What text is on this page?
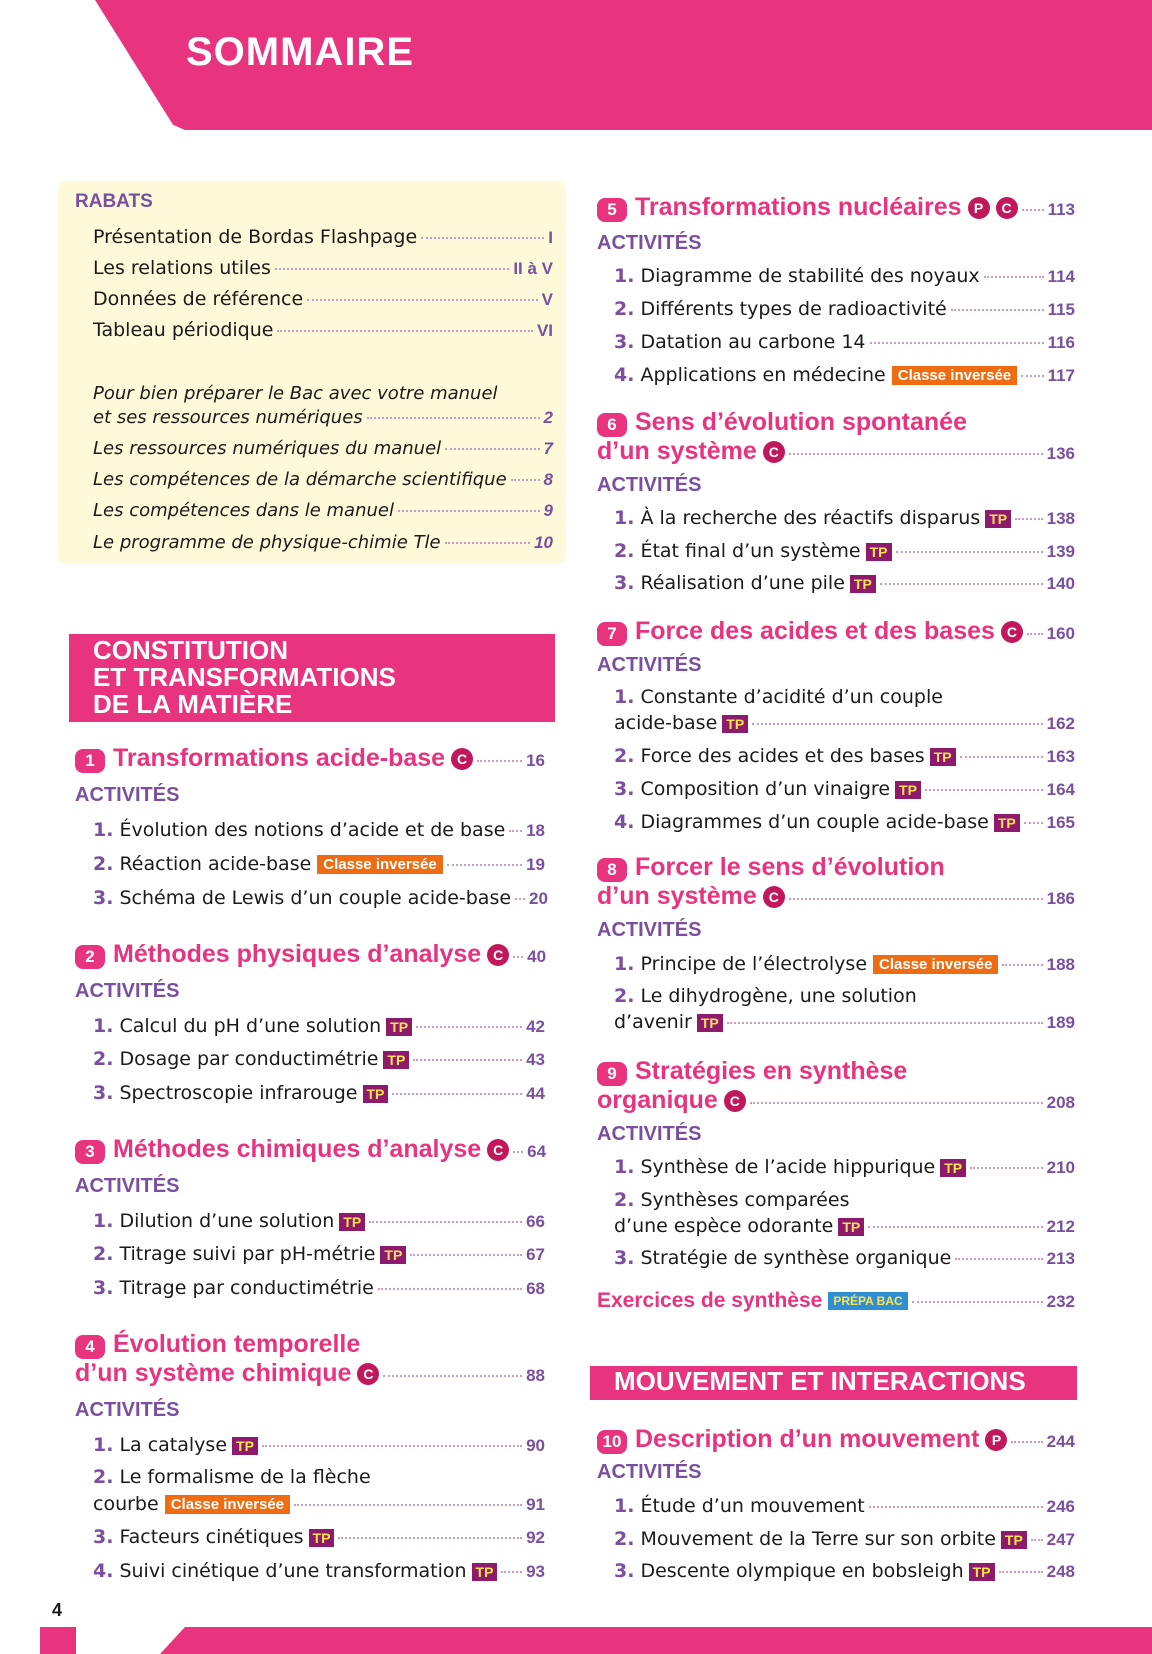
SOMMAIRE
RABATS
Présentation de Bordas Flashpage	I
Les relations utiles	II à V
Données de référence	V
Tableau périodique	VI
Pour bien préparer le Bac avec votre manuel
et ses ressources numériques	2
Les ressources numériques du manuel	7
Les compétences de la démarche scientifique 8
Les compétences dans le manuel	9
Le programme de physique-chimie Tle	10
CONSTITUTION
ET TRANSFORMATIONS
DE LA MATIÈRE
1 Transformations acide-base C	16
ACTIVITÉS
1. Évolution des notions d’acide et de base 18
2. Réaction acide-base Classe inversée	19
3. Schéma de Lewis d’un couple acide-base 20
2 Méthodes physiques d’analyse C	40
ACTIVITÉS
1. Calcul du pH d’une solution TP	42
2. Dosage par conductimétrie TP	43
3. Spectroscopie infrarouge TP	44
3 Méthodes chimiques d’analyse C	64
ACTIVITÉS
1. Dilution d’une solution TP	66
2. Titrage suivi par pH-métrie TP	67
3. Titrage par conductimétrie	68
4 Évolution temporelle
d’un système chimique C	88
ACTIVITÉS
1. La catalyse TP	90
2. Le formalisme de la flèche
courbe Classe inversée	91
3. Facteurs cinétiques TP	92
4. Suivi cinétique d’une transformation TP 93
5 Transformations nucléaires P C	113
ACTIVITÉS
1. Diagramme de stabilité des noyaux	114
2. Différents types de radioactivité	115
3. Datation au carbone 14	116
4. Applications en médecine Classe inversée	117
6 Sens d’évolution spontanée
d’un système C	136
ACTIVITÉS
1. À la recherche des réactifs disparus TP 138
2. État final d’un système TP	139
3. Réalisation d’une pile TP	140
7 Force des acides et des bases C	160
ACTIVITÉS
1. Constante d’acidité d’un couple
acide-base TP	162
2. Force des acides et des bases TP	163
3. Composition d’un vinaigre TP	164
4. Diagrammes d’un couple acide-base TP 165
8 Forcer le sens d’évolution
d’un système C	186
ACTIVITÉS
1. Principe de l’électrolyse Classe inversée	188
2. Le dihydrogène, une solution
d’avenir TP	189
9 Stratégies en synthèse
organique C	208
ACTIVITÉS
1. Synthèse de l’acide hippurique TP	210
2. Synthèses comparées
d’une espèce odorante TP	212
3. Stratégie de synthèse organique	213
Exercices de synthèse PRÉPA BAC	232
MOUVEMENT ET INTERACTIONS
10 Description d’un mouvement P	244
ACTIVITÉS
1. Étude d’un mouvement	246
2. Mouvement de la Terre sur son orbite TP 247
3. Descente olympique en bobsleigh TP	248
4
